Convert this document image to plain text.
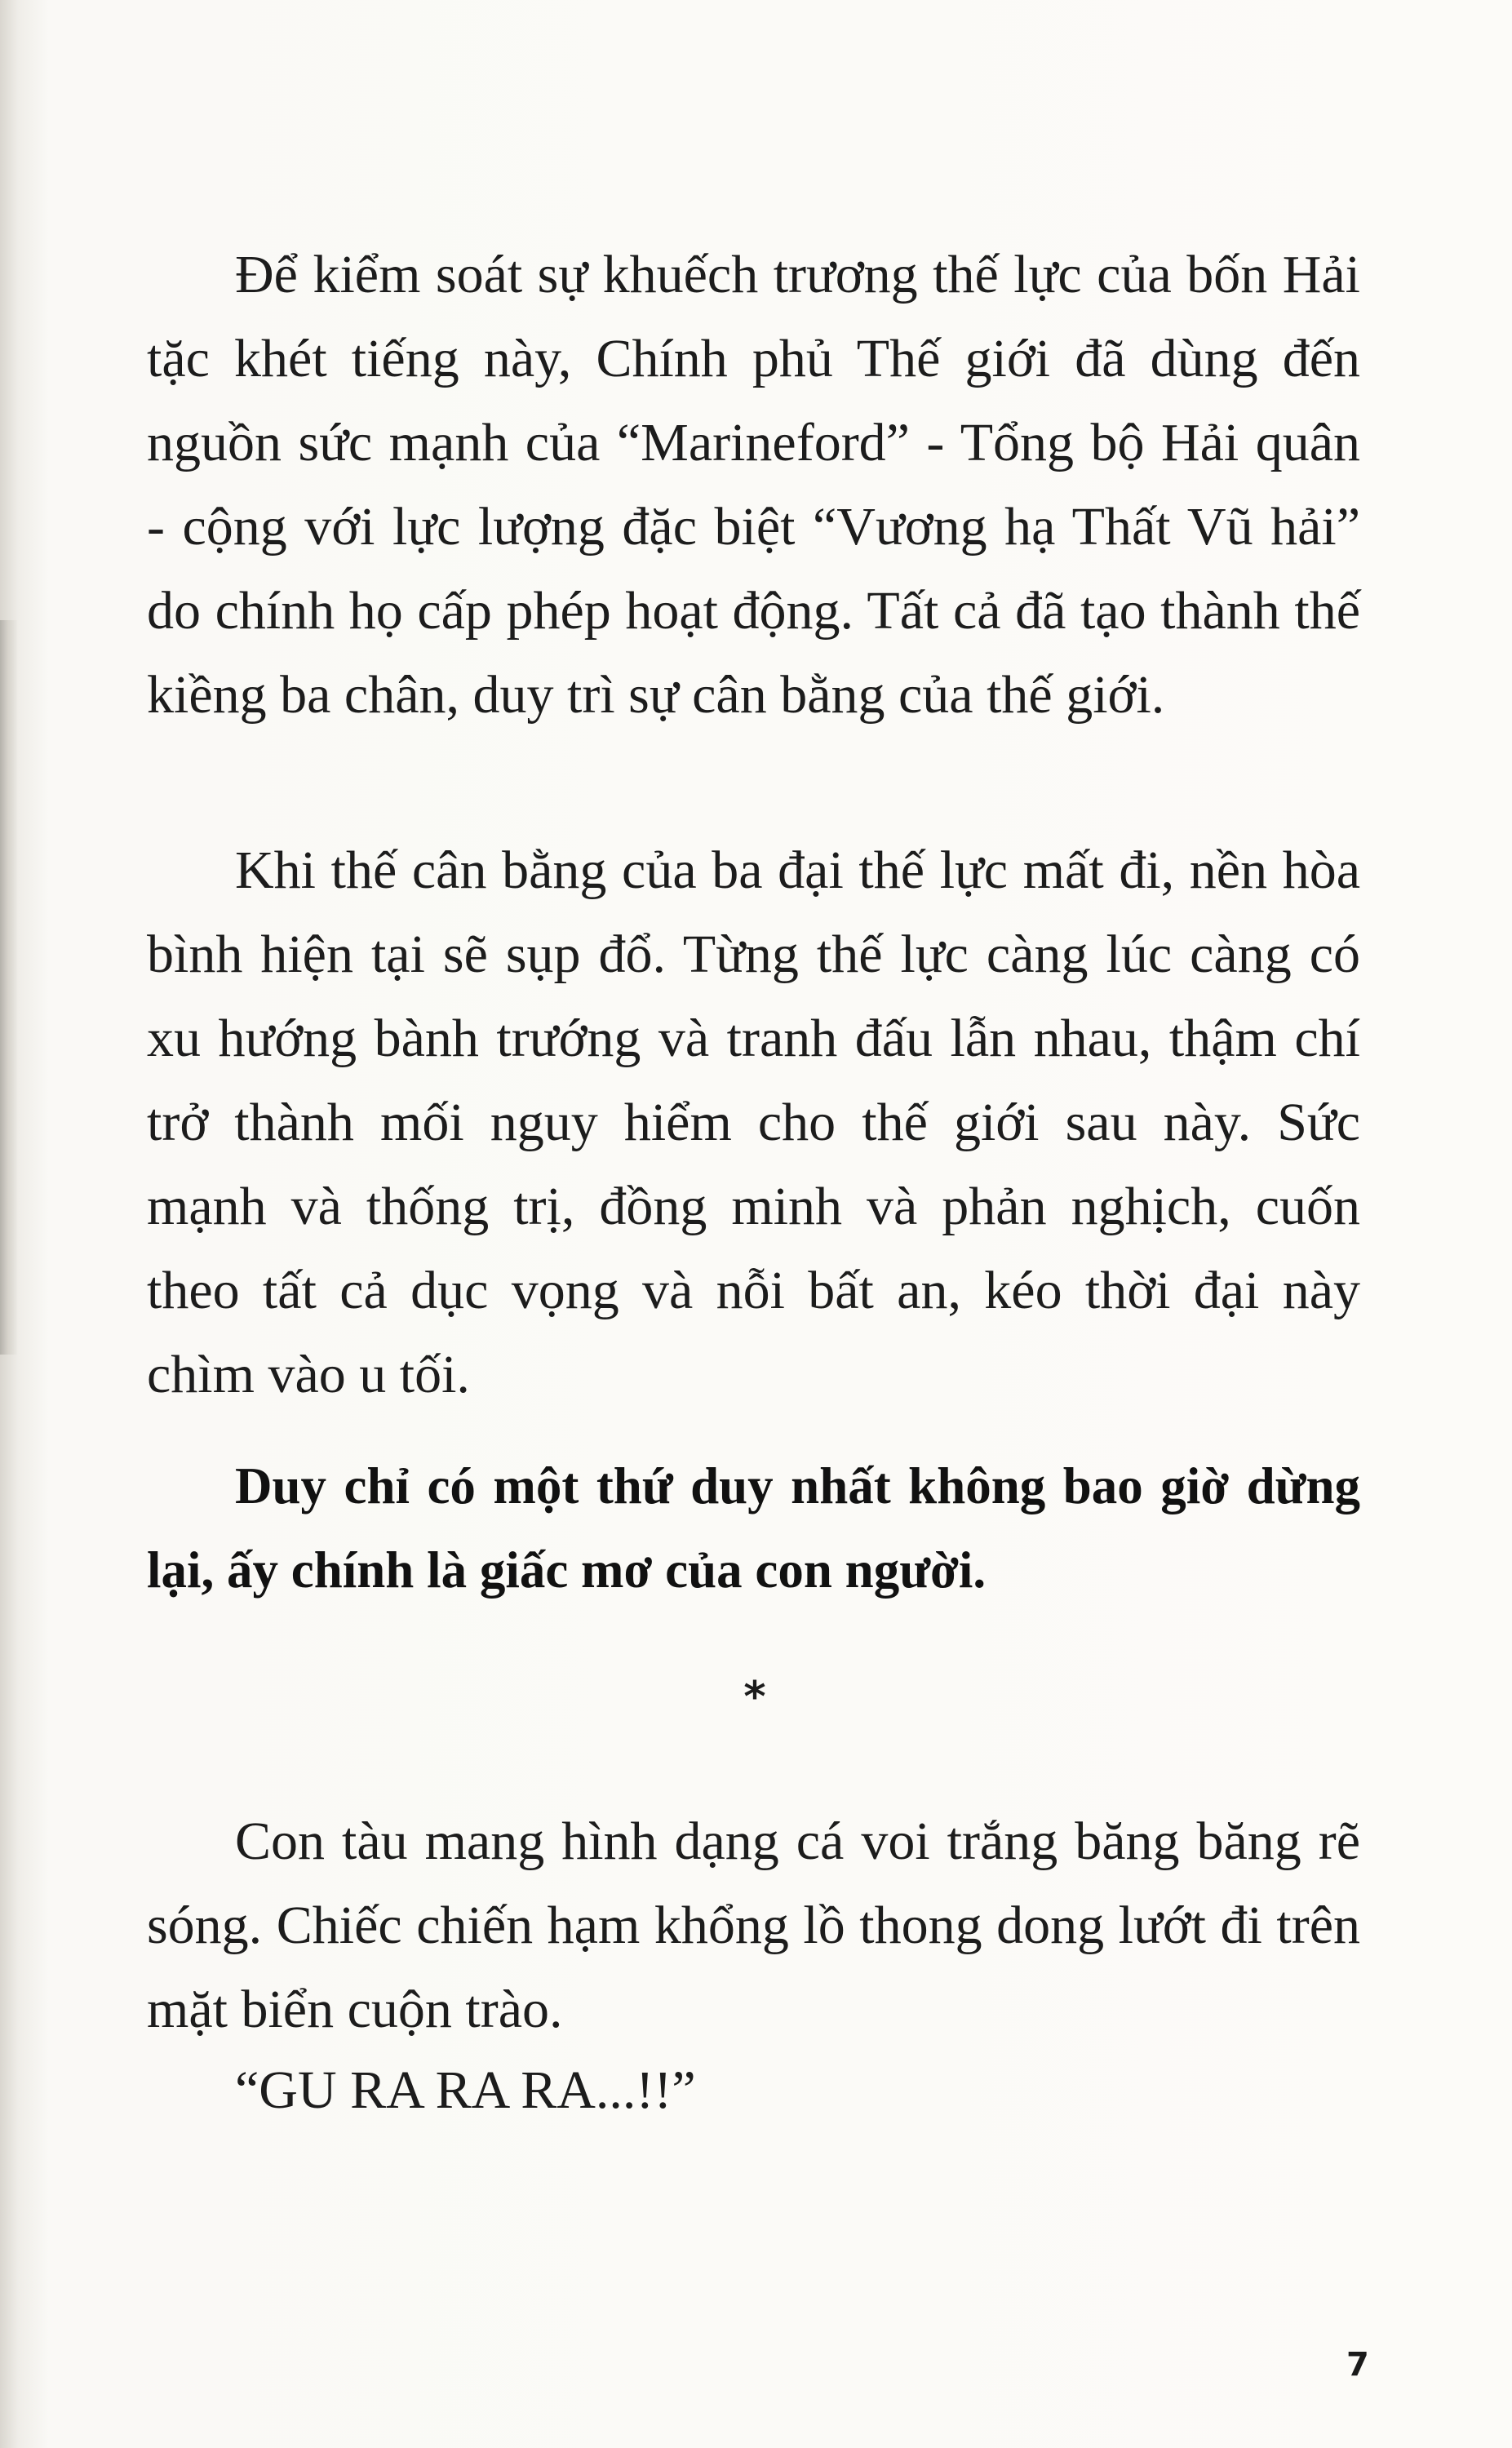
Để kiểm soát sự khuếch trương thế lực của bốn Hải tặc khét tiếng này, Chính phủ Thế giới đã dùng đến nguồn sức mạnh của “Marineford” - Tổng bộ Hải quân - cộng với lực lượng đặc biệt “Vương hạ Thất Vũ hải” do chính họ cấp phép hoạt động. Tất cả đã tạo thành thế kiềng ba chân, duy trì sự cân bằng của thế giới.

Khi thế cân bằng của ba đại thế lực mất đi, nền hòa bình hiện tại sẽ sụp đổ. Từng thế lực càng lúc càng có xu hướng bành trướng và tranh đấu lẫn nhau, thậm chí trở thành mối nguy hiểm cho thế giới sau này. Sức mạnh và thống trị, đồng minh và phản nghịch, cuốn theo tất cả dục vọng và nỗi bất an, kéo thời đại này chìm vào u tối.

Duy chỉ có một thứ duy nhất không bao giờ dừng lại, ấy chính là giấc mơ của con người.

*

Con tàu mang hình dạng cá voi trắng băng băng rẽ sóng. Chiếc chiến hạm khổng lồ thong dong lướt đi trên mặt biển cuộn trào.

“GU RA RA RA...!!”

7
